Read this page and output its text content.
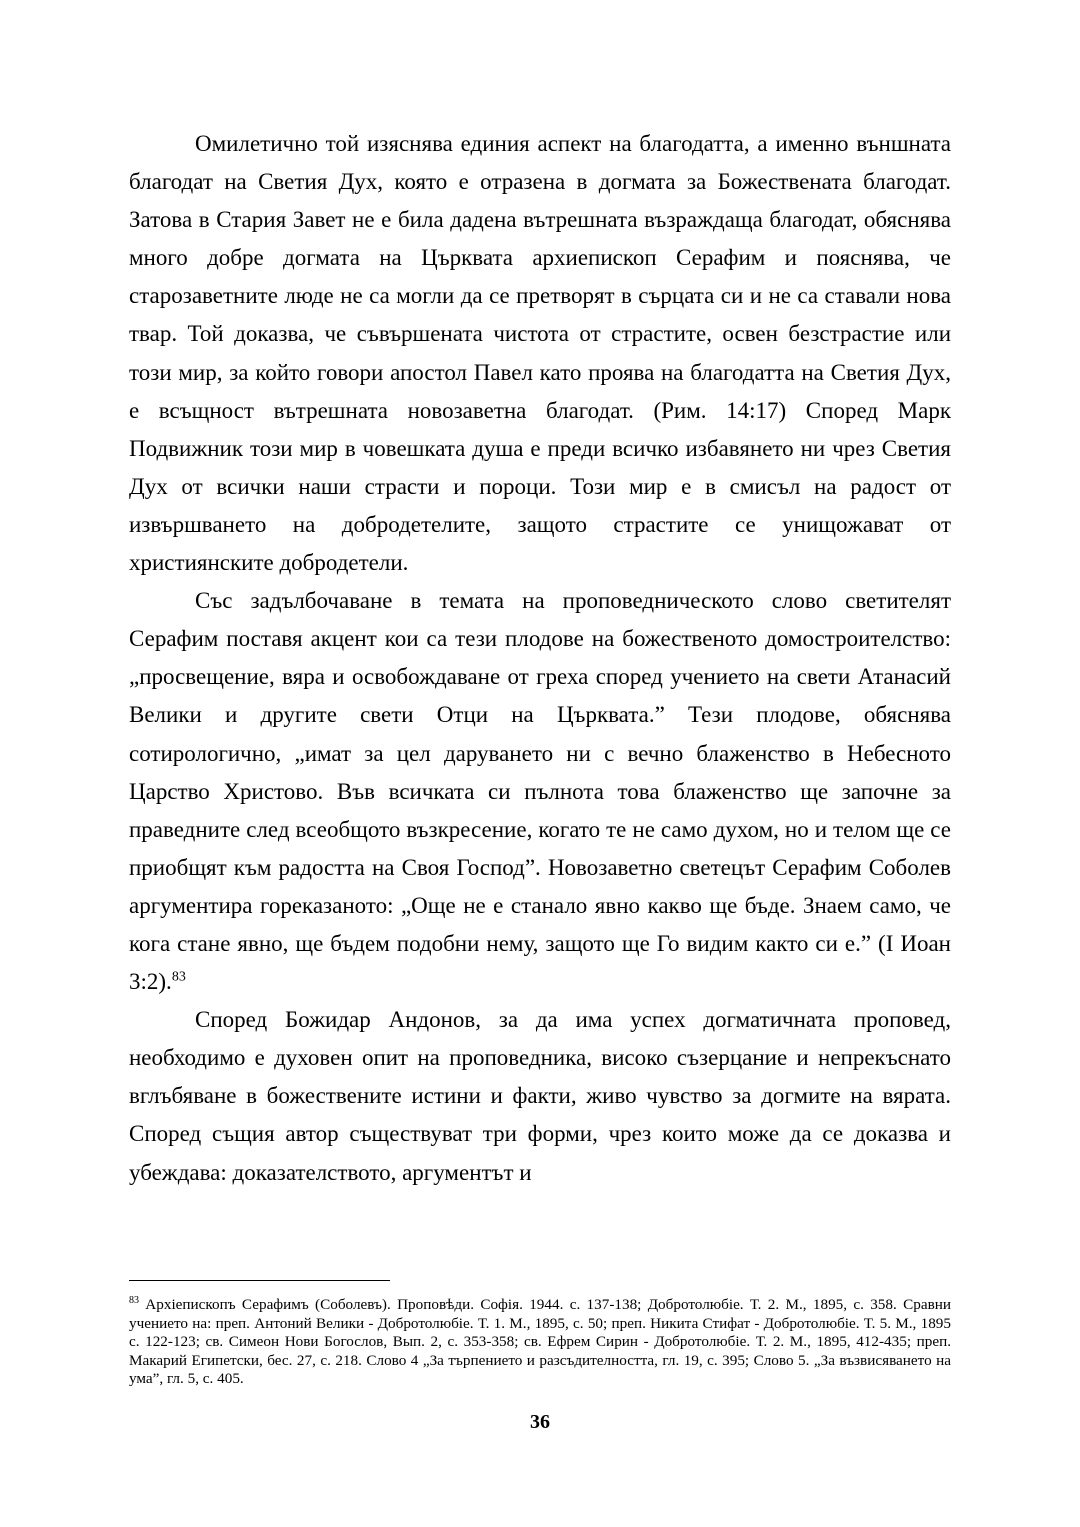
Омилетично той изяснява единия аспект на благодатта, а именно външната благодат на Светия Дух, която е отразена в догмата за Божествената благодат. Затова в Стария Завет не е била дадена вътрешната възраждаща благодат, обяснява много добре догмата на Църквата архиепископ Серафим и пояснява, че старозаветните люде не са могли да се претворят в сърцата си и не са ставали нова твар. Той доказва, че съвършената чистота от страстите, освен безстрастие или този мир, за който говори апостол Павел като проява на благодатта на Светия Дух, е всъщност вътрешната новозаветна благодат. (Рим. 14:17) Според Марк Подвижник този мир в човешката душа е преди всичко избавянето ни чрез Светия Дух от всички наши страсти и пороци. Този мир е в смисъл на радост от извършването на добродетелите, защото страстите се унищожават от християнските добродетели.

Със задълбочаване в темата на проповедническото слово светителят Серафим поставя акцент кои са тези плодове на божественото домостроителство: „просвещение, вяра и освобождаване от греха според учението на свети Атанасий Велики и другите свети Отци на Църквата.” Тези плодове, обяснява сотирологично, „имат за цел даруването ни с вечно блаженство в Небесното Царство Христово. Във всичката си пълнота това блаженство ще започне за праведните след всеобщото възкресение, когато те не само духом, но и телом ще се приобщят към радостта на Своя Господ”. Новозаветно светецът Серафим Соболев аргументира гореказаното: „Още не е станало явно какво ще бъде. Знаем само, че кога стане явно, ще бъдем подобни нему, защото ще Го видим както си е.” (I Иоан 3:2).$^{83}$

Според Божидар Андонов, за да има успех догматичната проповед, необходимо е духовен опит на проповедника, високо съзерцание и непрекъснато вглъбяване в божествените истини и факти, живо чувство за догмите на вярата. Според същия автор съществуват три форми, чрез които може да се доказва и убеждава: доказателството, аргументът и

$^{83}$ Архіепископъ Серафимъ (Соболевъ). Проповѣди. Софія. 1944. с. 137-138; Добротолюбіе. Т. 2. М., 1895, с. 358. Сравни учението на: преп. Антоний Велики - Добротолюбіе. Т. 1. М., 1895, с. 50; преп. Никита Стифат - Добротолюбіе. Т. 5. М., 1895 с. 122-123; св. Симеон Нови Богослов, Вып. 2, с. 353-358; св. Ефрем Сирин - Добротолюбіе. Т. 2. М., 1895, 412-435; преп. Макарий Египетски, бес. 27, с. 218. Слово 4 „За търпението и разсъдителността, гл. 19, с. 395; Слово 5. „За възвисяването на ума”, гл. 5, с. 405.

36
